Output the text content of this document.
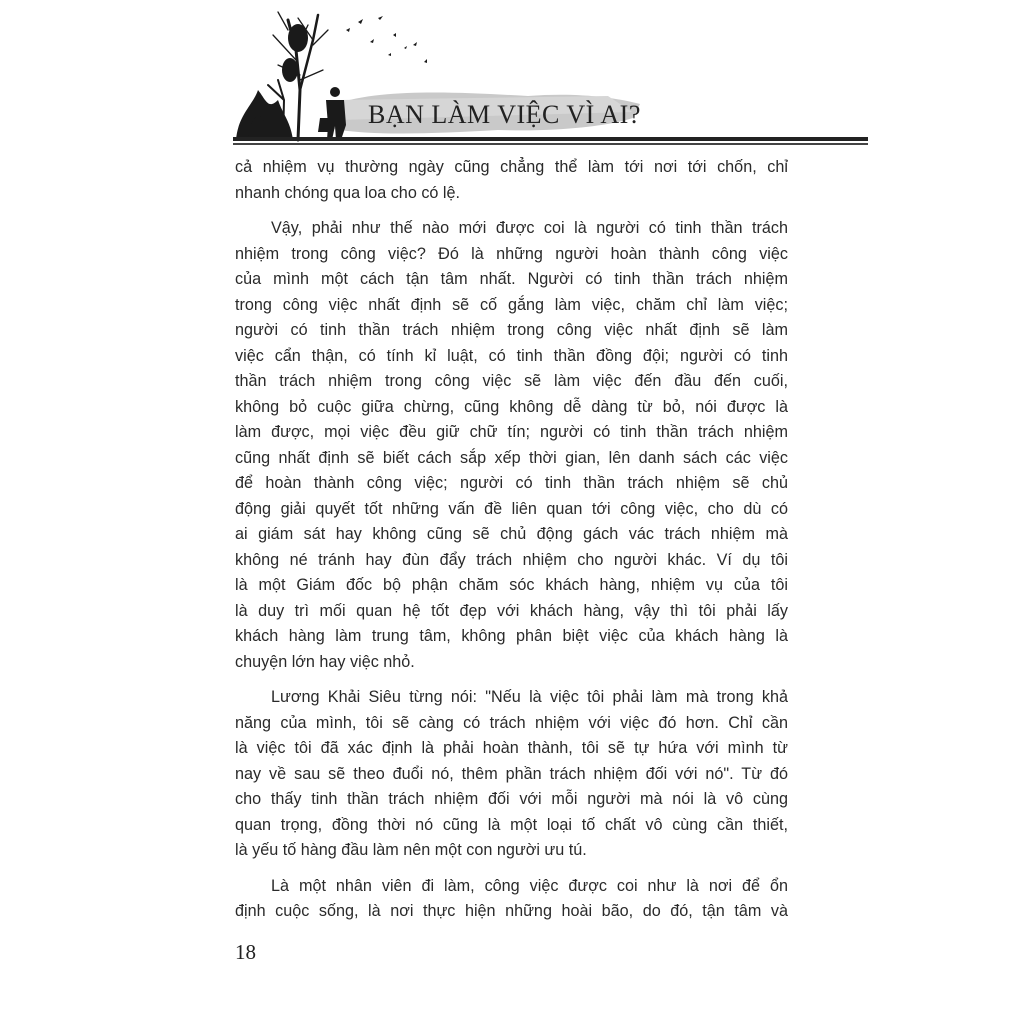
BẠN LÀM VIỆC VÌ AI?
cả nhiệm vụ thường ngày cũng chẳng thể làm tới nơi tới chốn, chỉ
nhanh chóng qua loa cho có lệ.
Vậy, phải như thế nào mới được coi là người có tinh thần trách
nhiệm trong công việc? Đó là những người hoàn thành công việc
của mình một cách tận tâm nhất. Người có tinh thần trách nhiệm
trong công việc nhất định sẽ cố gắng làm việc, chăm chỉ làm việc;
người có tinh thần trách nhiệm trong công việc nhất định sẽ làm
việc cẩn thận, có tính kỉ luật, có tinh thần đồng đội; người có tinh
thần trách nhiệm trong công việc sẽ làm việc đến đầu đến cuối,
không bỏ cuộc giữa chừng, cũng không dễ dàng từ bỏ, nói được là
làm được, mọi việc đều giữ chữ tín; người có tinh thần trách nhiệm
cũng nhất định sẽ biết cách sắp xếp thời gian, lên danh sách các việc
để hoàn thành công việc; người có tinh thần trách nhiệm sẽ chủ
động giải quyết tốt những vấn đề liên quan tới công việc, cho dù có
ai giám sát hay không cũng sẽ chủ động gách vác trách nhiệm mà
không né tránh hay đùn đẩy trách nhiệm cho người khác. Ví dụ tôi
là một Giám đốc bộ phận chăm sóc khách hàng, nhiệm vụ của tôi
là duy trì mối quan hệ tốt đẹp với khách hàng, vậy thì tôi phải lấy
khách hàng làm trung tâm, không phân biệt việc của khách hàng là
chuyện lớn hay việc nhỏ.
Lương Khải Siêu từng nói: "Nếu là việc tôi phải làm mà trong khả
năng của mình, tôi sẽ càng có trách nhiệm với việc đó hơn. Chỉ cần
là việc tôi đã xác định là phải hoàn thành, tôi sẽ tự hứa với mình từ
nay về sau sẽ theo đuổi nó, thêm phần trách nhiệm đối với nó". Từ đó
cho thấy tinh thần trách nhiệm đối với mỗi người mà nói là vô cùng
quan trọng, đồng thời nó cũng là một loại tố chất vô cùng cần thiết,
là yếu tố hàng đầu làm nên một con người ưu tú.
Là một nhân viên đi làm, công việc được coi như là nơi để ổn
định cuộc sống, là nơi thực hiện những hoài bão, do đó, tận tâm và
18
